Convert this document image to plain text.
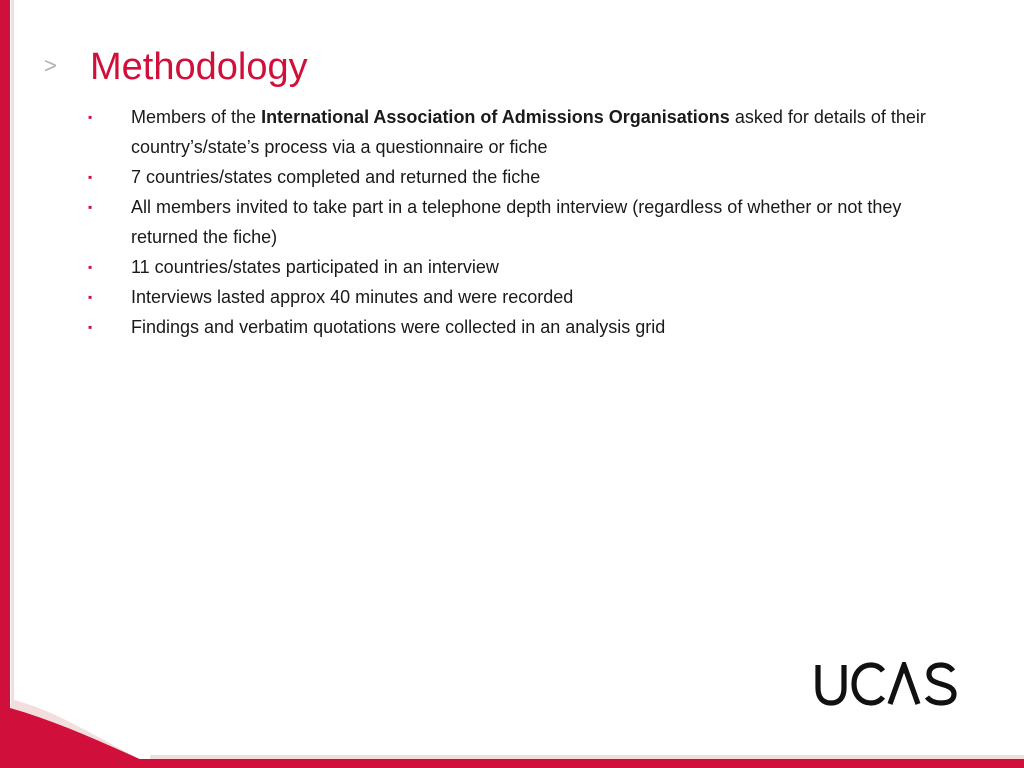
> Methodology
▪ Members of the International Association of Admissions Organisations asked for details of their country’s/state’s process via a questionnaire or fiche
▪ 7 countries/states completed and returned the fiche
▪ All members invited to take part in a telephone depth interview (regardless of whether or not they returned the fiche)
▪ 11 countries/states participated in an interview
▪ Interviews lasted approx 40 minutes and were recorded
▪ Findings and verbatim quotations were collected in an analysis grid
